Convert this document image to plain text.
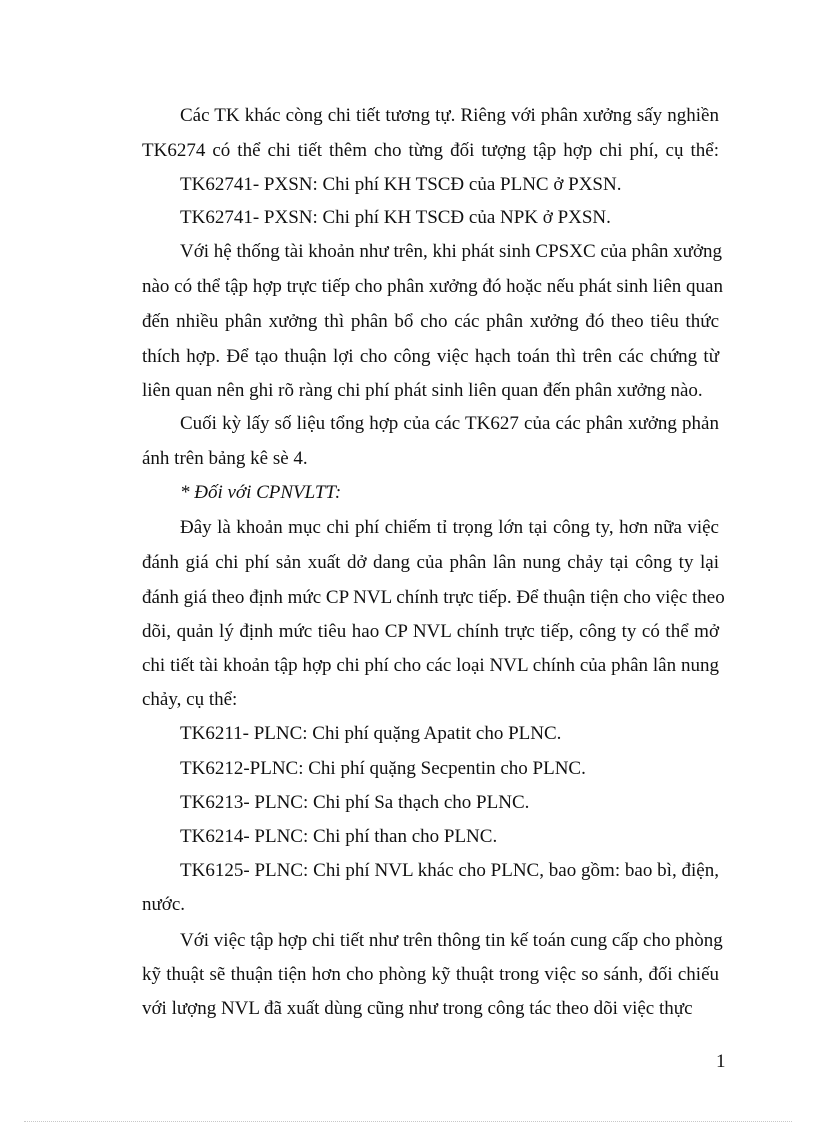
Các TK khác còng chi tiết tương tự. Riêng với phân xưởng sấy nghiền
TK6274 có thể chi tiết thêm cho từng đối tượng tập hợp chi phí, cụ thể:
TK62741- PXSN: Chi phí KH TSCĐ của PLNC ở PXSN.
TK62741- PXSN: Chi phí KH TSCĐ của NPK ở PXSN.
Với hệ thống tài khoản như trên, khi phát sinh CPSXC của phân xưởng
nào có thể tập hợp trực tiếp cho phân xưởng đó hoặc nếu phát sinh liên quan
đến nhiều phân xưởng thì phân bổ cho các phân xưởng đó theo tiêu thức
thích hợp. Để tạo thuận lợi cho công việc hạch toán thì trên các chứng từ
liên quan nên ghi rõ ràng chi phí phát sinh liên quan đến phân xưởng nào.
Cuối kỳ lấy số liệu tổng hợp của các TK627 của các phân xưởng phản
ánh trên bảng kê sè 4.
* Đối với CPNVLTT:
Đây là khoản mục chi phí chiếm tỉ trọng lớn tại công ty, hơn nữa việc
đánh giá chi phí sản xuất dở dang của phân lân nung chảy tại công ty lại
đánh giá theo định mức CP NVL chính trực tiếp. Để thuận tiện cho việc theo
dõi, quản lý định mức tiêu hao CP NVL chính trực tiếp, công ty có thể mở
chi tiết tài khoản tập hợp chi phí cho các loại NVL chính của phân lân nung
chảy, cụ thể:
TK6211- PLNC: Chi phí quặng Apatit cho PLNC.
TK6212-PLNC: Chi phí quặng Secpentin cho PLNC.
TK6213- PLNC: Chi phí Sa thạch cho PLNC.
TK6214- PLNC: Chi phí than cho PLNC.
TK6125- PLNC: Chi phí NVL khác cho PLNC, bao gồm: bao bì, điện,
nước.
Với việc tập hợp chi tiết như trên thông tin kế toán cung cấp cho phòng
kỹ thuật sẽ thuận tiện hơn cho phòng kỹ thuật trong việc so sánh, đối chiếu
với lượng NVL đã xuất dùng cũng như trong công tác theo dõi việc thực
1
